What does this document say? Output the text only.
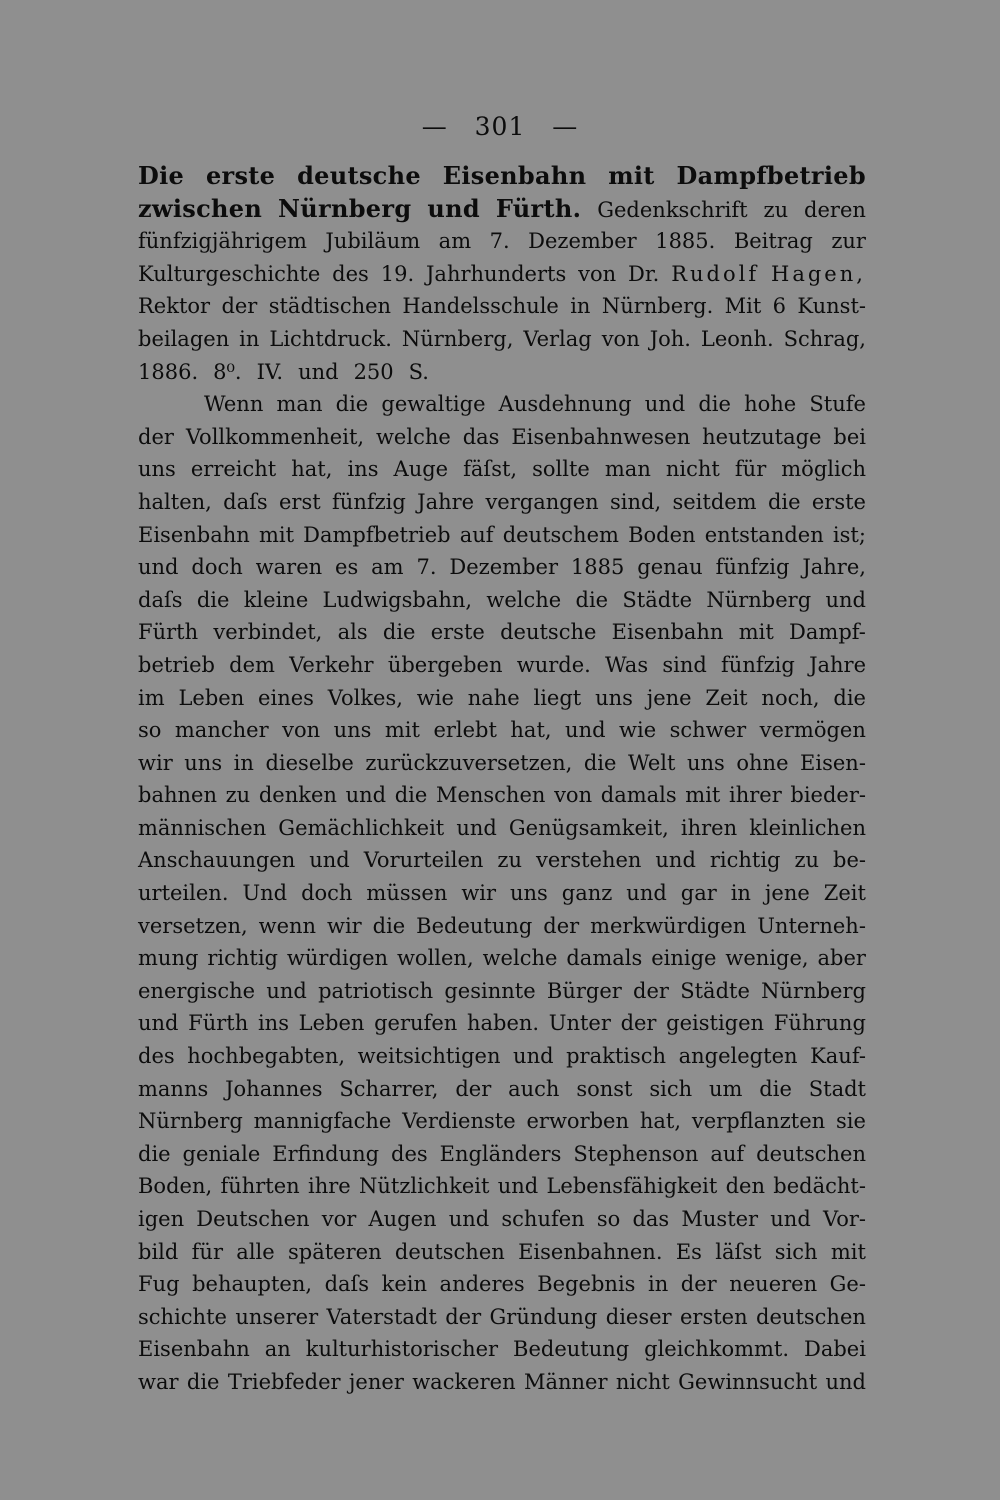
— 301 —
Die erste deutsche Eisenbahn mit Dampfbetrieb
zwischen Nürnberg und Fürth. Gedenkschrift zu deren
fünfzigjährigem Jubiläum am 7. Dezember 1885. Beitrag zur
Kulturgeschichte des 19. Jahrhunderts von Dr. Rudolf Hagen,
Rektor der städtischen Handelsschule in Nürnberg. Mit 6 Kunst-
beilagen in Lichtdruck. Nürnberg, Verlag von Joh. Leonh. Schrag,
1886. 8⁰. IV. und 250 S.
Wenn man die gewaltige Ausdehnung und die hohe Stufe
der Vollkommenheit, welche das Eisenbahnwesen heutzutage bei
uns erreicht hat, ins Auge fäſst, sollte man nicht für möglich
halten, daſs erst fünfzig Jahre vergangen sind, seitdem die erste
Eisenbahn mit Dampfbetrieb auf deutschem Boden entstanden ist;
und doch waren es am 7. Dezember 1885 genau fünfzig Jahre,
daſs die kleine Ludwigsbahn, welche die Städte Nürnberg und
Fürth verbindet, als die erste deutsche Eisenbahn mit Dampf-
betrieb dem Verkehr übergeben wurde. Was sind fünfzig Jahre
im Leben eines Volkes, wie nahe liegt uns jene Zeit noch, die
so mancher von uns mit erlebt hat, und wie schwer vermögen
wir uns in dieselbe zurückzuversetzen, die Welt uns ohne Eisen-
bahnen zu denken und die Menschen von damals mit ihrer bieder-
männischen Gemächlichkeit und Genügsamkeit, ihren kleinlichen
Anschauungen und Vorurteilen zu verstehen und richtig zu be-
urteilen. Und doch müssen wir uns ganz und gar in jene Zeit
versetzen, wenn wir die Bedeutung der merkwürdigen Unterneh-
mung richtig würdigen wollen, welche damals einige wenige, aber
energische und patriotisch gesinnte Bürger der Städte Nürnberg
und Fürth ins Leben gerufen haben. Unter der geistigen Führung
des hochbegabten, weitsichtigen und praktisch angelegten Kauf-
manns Johannes Scharrer, der auch sonst sich um die Stadt
Nürnberg mannigfache Verdienste erworben hat, verpflanzten sie
die geniale Erfindung des Engländers Stephenson auf deutschen
Boden, führten ihre Nützlichkeit und Lebensfähigkeit den bedächt-
igen Deutschen vor Augen und schufen so das Muster und Vor-
bild für alle späteren deutschen Eisenbahnen. Es läſst sich mit
Fug behaupten, daſs kein anderes Begebnis in der neueren Ge-
schichte unserer Vaterstadt der Gründung dieser ersten deutschen
Eisenbahn an kulturhistorischer Bedeutung gleichkommt. Dabei
war die Triebfeder jener wackeren Männer nicht Gewinnsucht und
